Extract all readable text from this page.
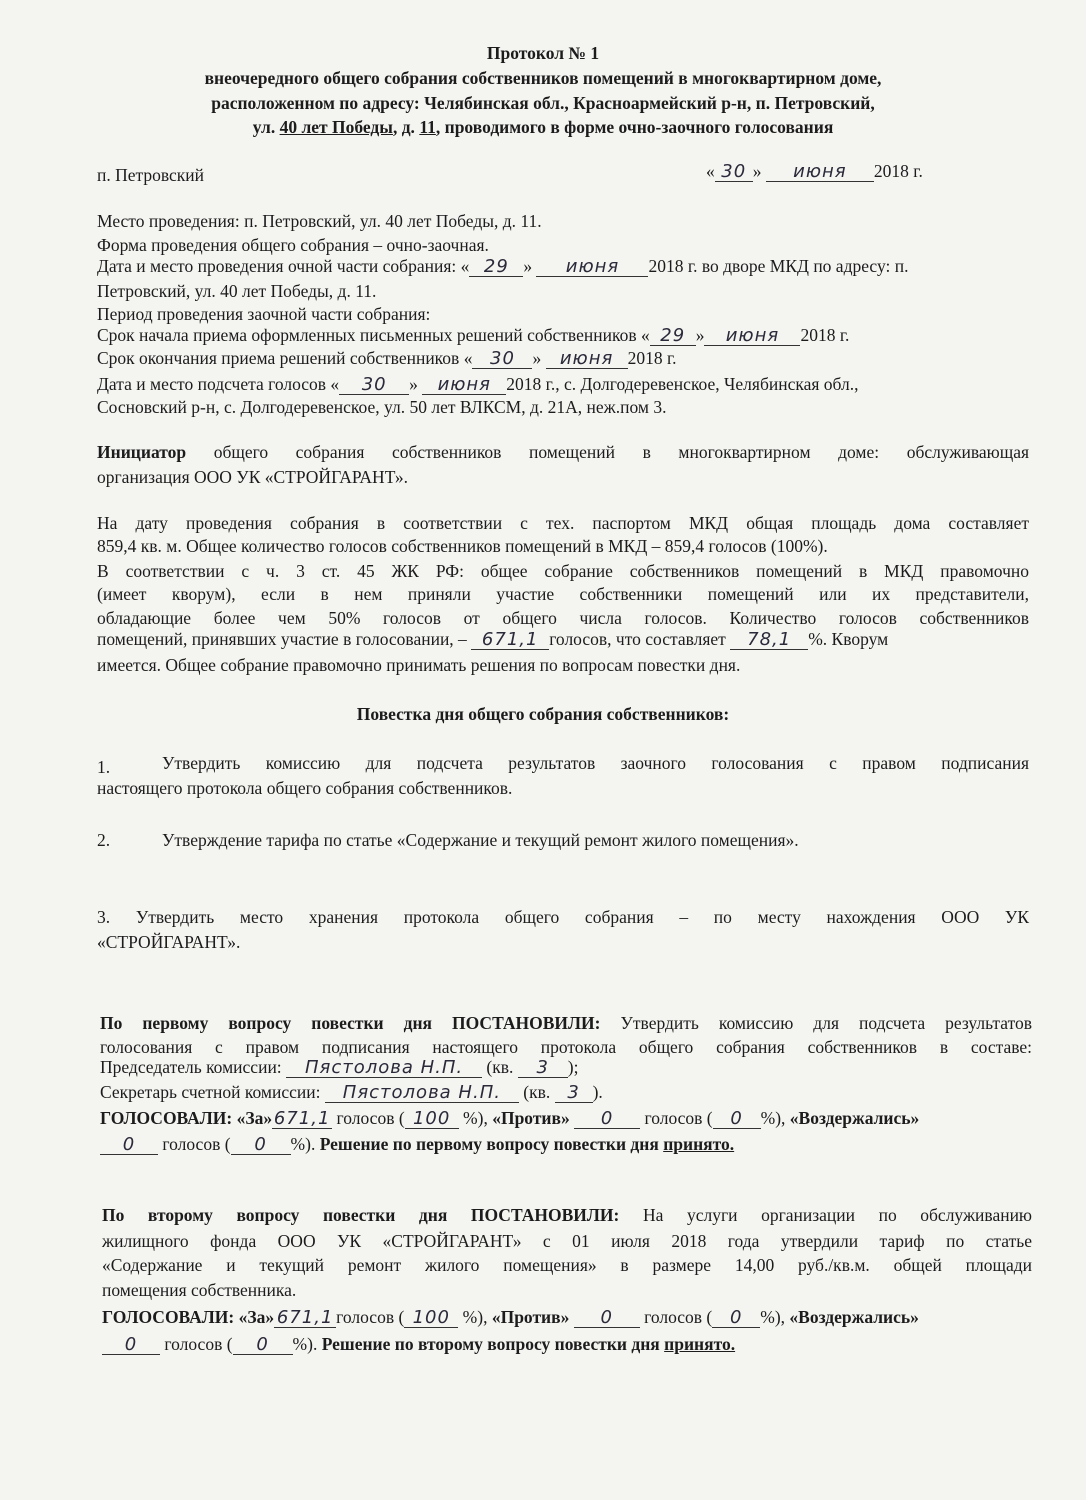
Протокол № 1
внеочередного общего собрания собственников помещений в многоквартирном доме,
расположенном по адресу: Челябинская обл., Красноармейский р-н, п. Петровский,
ул. 40 лет Победы, д. 11, проводимого в форме очно-заочного голосования
п. Петровский	« 30 » июня 2018 г.
Место проведения: п. Петровский, ул. 40 лет Победы, д. 11.
Форма проведения общего собрания – очно-заочная.
Дата и место проведения очной части собрания: « 29 » июня 2018 г. во дворе МКД по адресу: п.
Петровский, ул. 40 лет Победы, д. 11.
Период проведения заочной части собрания:
Срок начала приема оформленных письменных решений собственников « 29 » июня 2018 г.
Срок окончания приема решений собственников « 30 » июня 2018 г.
Дата и место подсчета голосов « 30 » июня 2018 г., с. Долгодеревенское, Челябинская обл.,
Сосновский р-н, с. Долгодеревенское, ул. 50 лет ВЛКСМ, д. 21А, неж.пом 3.
Инициатор общего собрания собственников помещений в многоквартирном доме: обслуживающая
организация ООО УК «СТРОЙГАРАНТ».
На дату проведения собрания в соответствии с тех. паспортом МКД общая площадь дома составляет
859,4 кв. м. Общее количество голосов собственников помещений в МКД – 859,4 голосов (100%).
В соответствии с ч. 3 ст. 45 ЖК РФ: общее собрание собственников помещений в МКД правомочно
(имеет кворум), если в нем приняли участие собственники помещений или их представители,
обладающие более чем 50% голосов от общего числа голосов. Количество голосов собственников
помещений, принявших участие в голосовании, – 671,1 голосов, что составляет 78,1 %. Кворум
имеется. Общее собрание правомочно принимать решения по вопросам повестки дня.
Повестка дня общего собрания собственников:
1.	Утвердить комиссию для подсчета результатов заочного голосования с правом подписания
настоящего протокола общего собрания собственников.
2.	Утверждение тарифа по статье «Содержание и текущий ремонт жилого помещения».
3. Утвердить место хранения протокола общего собрания – по месту нахождения ООО УК
«СТРОЙГАРАНТ».
По первому вопросу повестки дня ПОСТАНОВИЛИ: Утвердить комиссию для подсчета результатов
голосования с правом подписания настоящего протокола общего собрания собственников в составе:
Председатель комиссии: Пястолова Н.П. (кв. 3 );
Секретарь счетной комиссии: Пястолова Н.П. (кв. 3 ).
ГОЛОСОВАЛИ: «За»671,1 голосов ( 100 %), «Против» 0 голосов ( 0 %), «Воздержались»
0 голосов ( 0 %). Решение по первому вопросу повестки дня принято.
По второму вопросу повестки дня ПОСТАНОВИЛИ: На услуги организации по обслуживанию
жилищного фонда ООО УК «СТРОЙГАРАНТ» с 01 июля 2018 года утвердили тариф по статье
«Содержание и текущий ремонт жилого помещения» в размере 14,00 руб./кв.м. общей площади
помещения собственника.
ГОЛОСОВАЛИ: «За» 671,1 голосов ( 100 %), «Против» 0 голосов ( 0 %), «Воздержались»
0 голосов ( 0 %). Решение по второму вопросу повестки дня принято.
